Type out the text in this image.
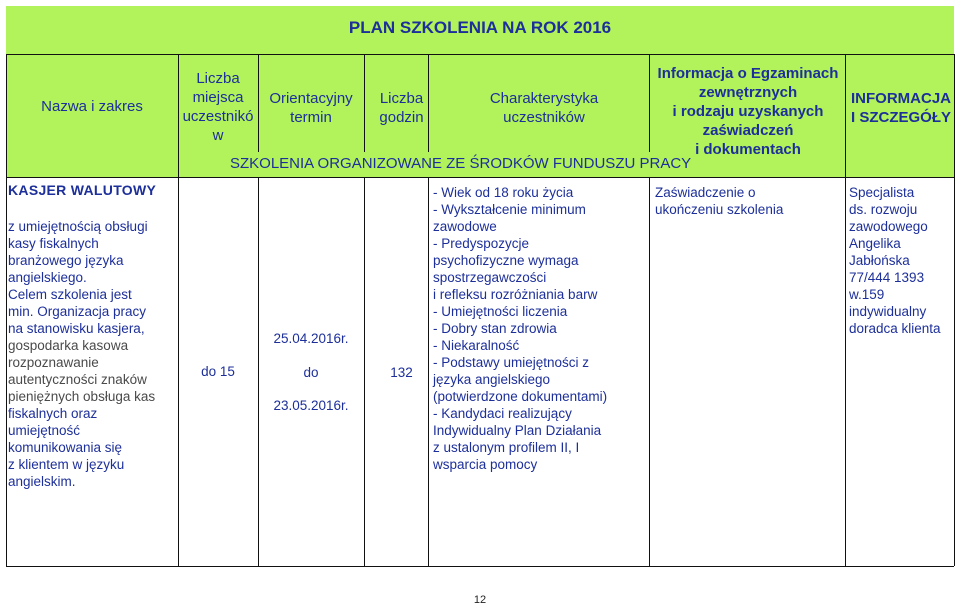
PLAN SZKOLENIA NA ROK 2016
Nazwa i zakres
Liczba
miejsca
uczestnikó
w
Orientacyjny
termin
Liczba
godzin
Charakterystyka
uczestników
Informacja o Egzaminach
zewnętrznych
i rodzaju uzyskanych
zaświadczeń
i dokumentach
INFORMACJA
I SZCZEGÓŁY
SZKOLENIA ORGANIZOWANE ZE ŚRODKÓW FUNDUSZU PRACY
KASJER WALUTOWY
z umiejętnością obsługi
kasy fiskalnych
branżowego języka
angielskiego.
Celem szkolenia jest
min. Organizacja pracy
na stanowisku kasjera,
gospodarka kasowa
rozpoznawanie
autentyczności znaków
pieniężnych obsługa kas
fiskalnych oraz
umiejętność
komunikowania się
z klientem w języku
angielskim.
do 15
25.04.2016r.
do
23.05.2016r.
132
- Wiek od 18 roku życia
- Wykształcenie minimum
zawodowe
- Predyspozycje
psychofizyczne wymaga
spostrzegawczości
i refleksu rozróżniania barw
- Umiejętności liczenia
- Dobry stan zdrowia
- Niekaralność
- Podstawy umiejętności z
języka angielskiego
(potwierdzone dokumentami)
- Kandydaci realizujący
Indywidualny Plan Działania
z ustalonym profilem II, I
wsparcia pomocy
Zaświadczenie o
ukończeniu szkolenia
Specjalista
ds. rozwoju
zawodowego
Angelika
Jabłońska
77/444 1393
w.159
indywidualny
doradca klienta
12
